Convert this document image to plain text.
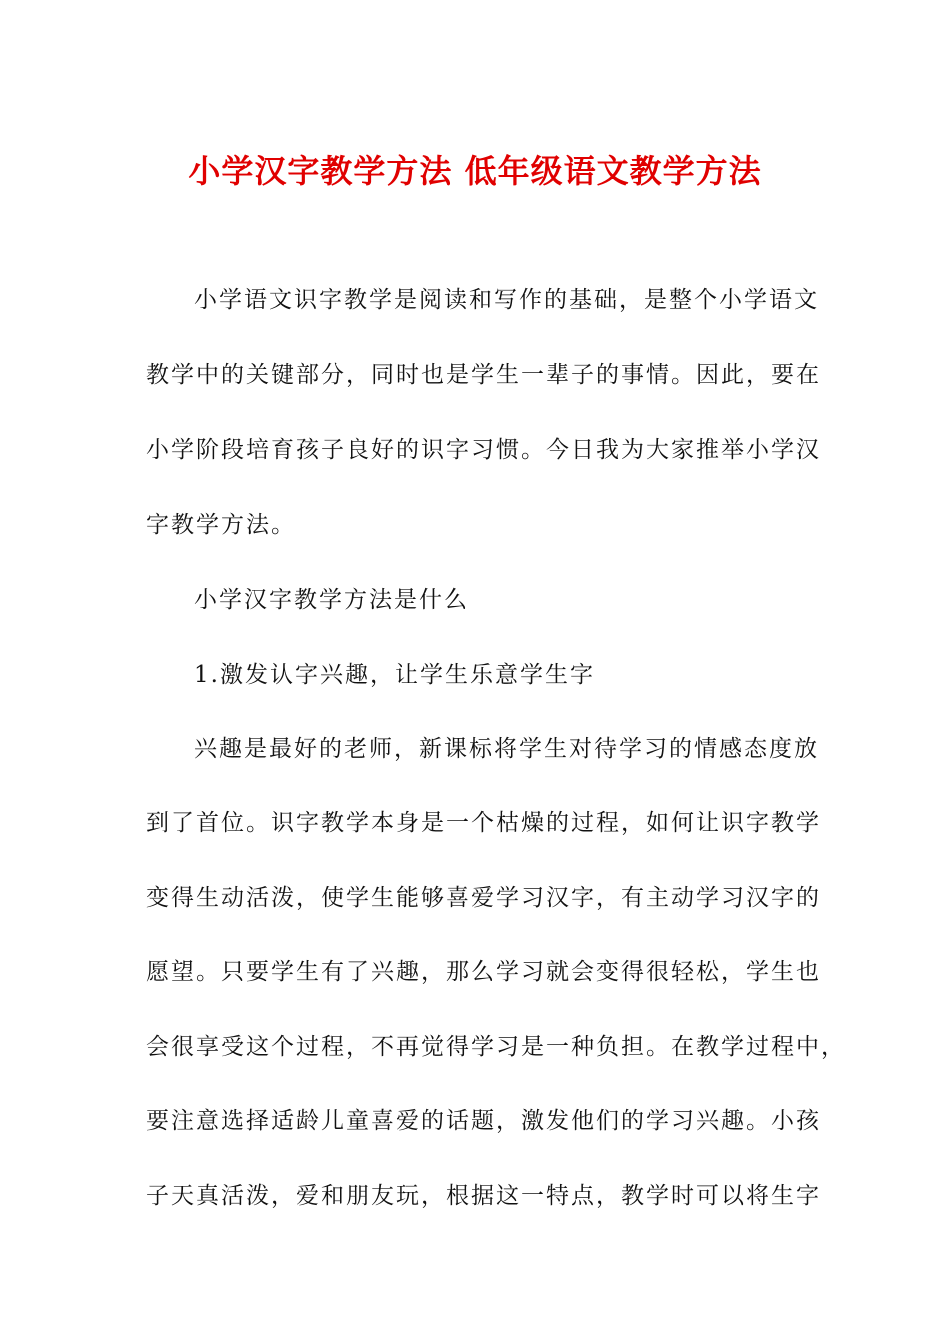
小学汉字教学方法 低年级语文教学方法
小学语文识字教学是阅读和写作的基础，是整个小学语文
教学中的关键部分，同时也是学生一辈子的事情。因此，要在
小学阶段培育孩子良好的识字习惯。今日我为大家推举小学汉
字教学方法。
小学汉字教学方法是什么
1.激发认字兴趣，让学生乐意学生字
兴趣是最好的老师，新课标将学生对待学习的情感态度放
到了首位。识字教学本身是一个枯燥的过程，如何让识字教学
变得生动活泼，使学生能够喜爱学习汉字，有主动学习汉字的
愿望。只要学生有了兴趣，那么学习就会变得很轻松，学生也
会很享受这个过程，不再觉得学习是一种负担。在教学过程中，
要注意选择适龄儿童喜爱的话题，激发他们的学习兴趣。小孩
子天真活泼，爱和朋友玩，根据这一特点，教学时可以将生字
